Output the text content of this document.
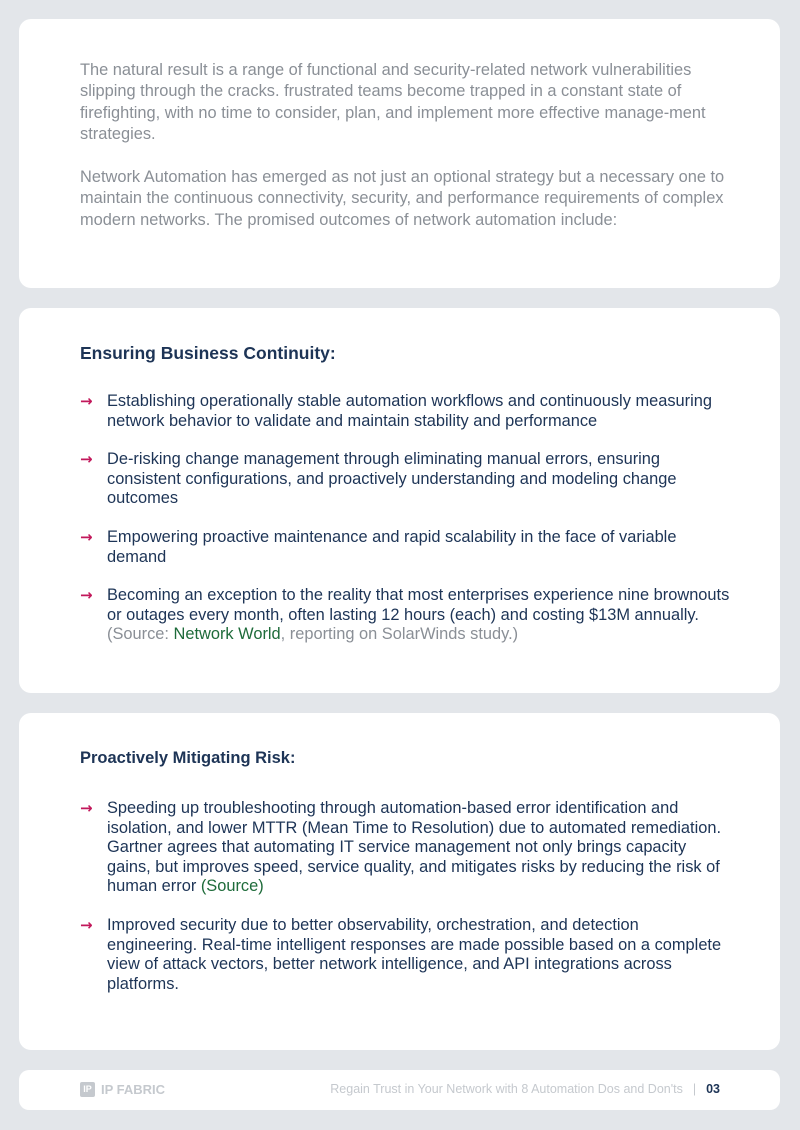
The natural result is a range of functional and security-related network vulnerabilities slipping through the cracks. frustrated teams become trapped in a constant state of firefighting, with no time to consider, plan, and implement more effective manage-ment strategies.

Network Automation has emerged as not just an optional strategy but a necessary one to maintain the continuous connectivity, security, and performance requirements of complex modern networks. The promised outcomes of network automation include:

Ensuring Business Continuity:
→ Establishing operationally stable automation workflows and continuously measuring network behavior to validate and maintain stability and performance
→ De-risking change management through eliminating manual errors, ensuring consistent configurations, and proactively understanding and modeling change outcomes
→ Empowering proactive maintenance and rapid scalability in the face of variable demand
→ Becoming an exception to the reality that most enterprises experience nine brownouts or outages every month, often lasting 12 hours (each) and costing $13M annually. (Source: Network World, reporting on SolarWinds study.)
Proactively Mitigating Risk:
→ Speeding up troubleshooting through automation-based error identification and isolation, and lower MTTR (Mean Time to Resolution) due to automated remediation. Gartner agrees that automating IT service management not only brings capacity gains, but improves speed, service quality, and mitigates risks by reducing the risk of human error (Source)
→ Improved security due to better observability, orchestration, and detection engineering. Real-time intelligent responses are made possible based on a complete view of attack vectors, better network intelligence, and API integrations across platforms.
IP IP FABRIC	Regain Trust in Your Network with 8 Automation Dos and Don'ts | 03
